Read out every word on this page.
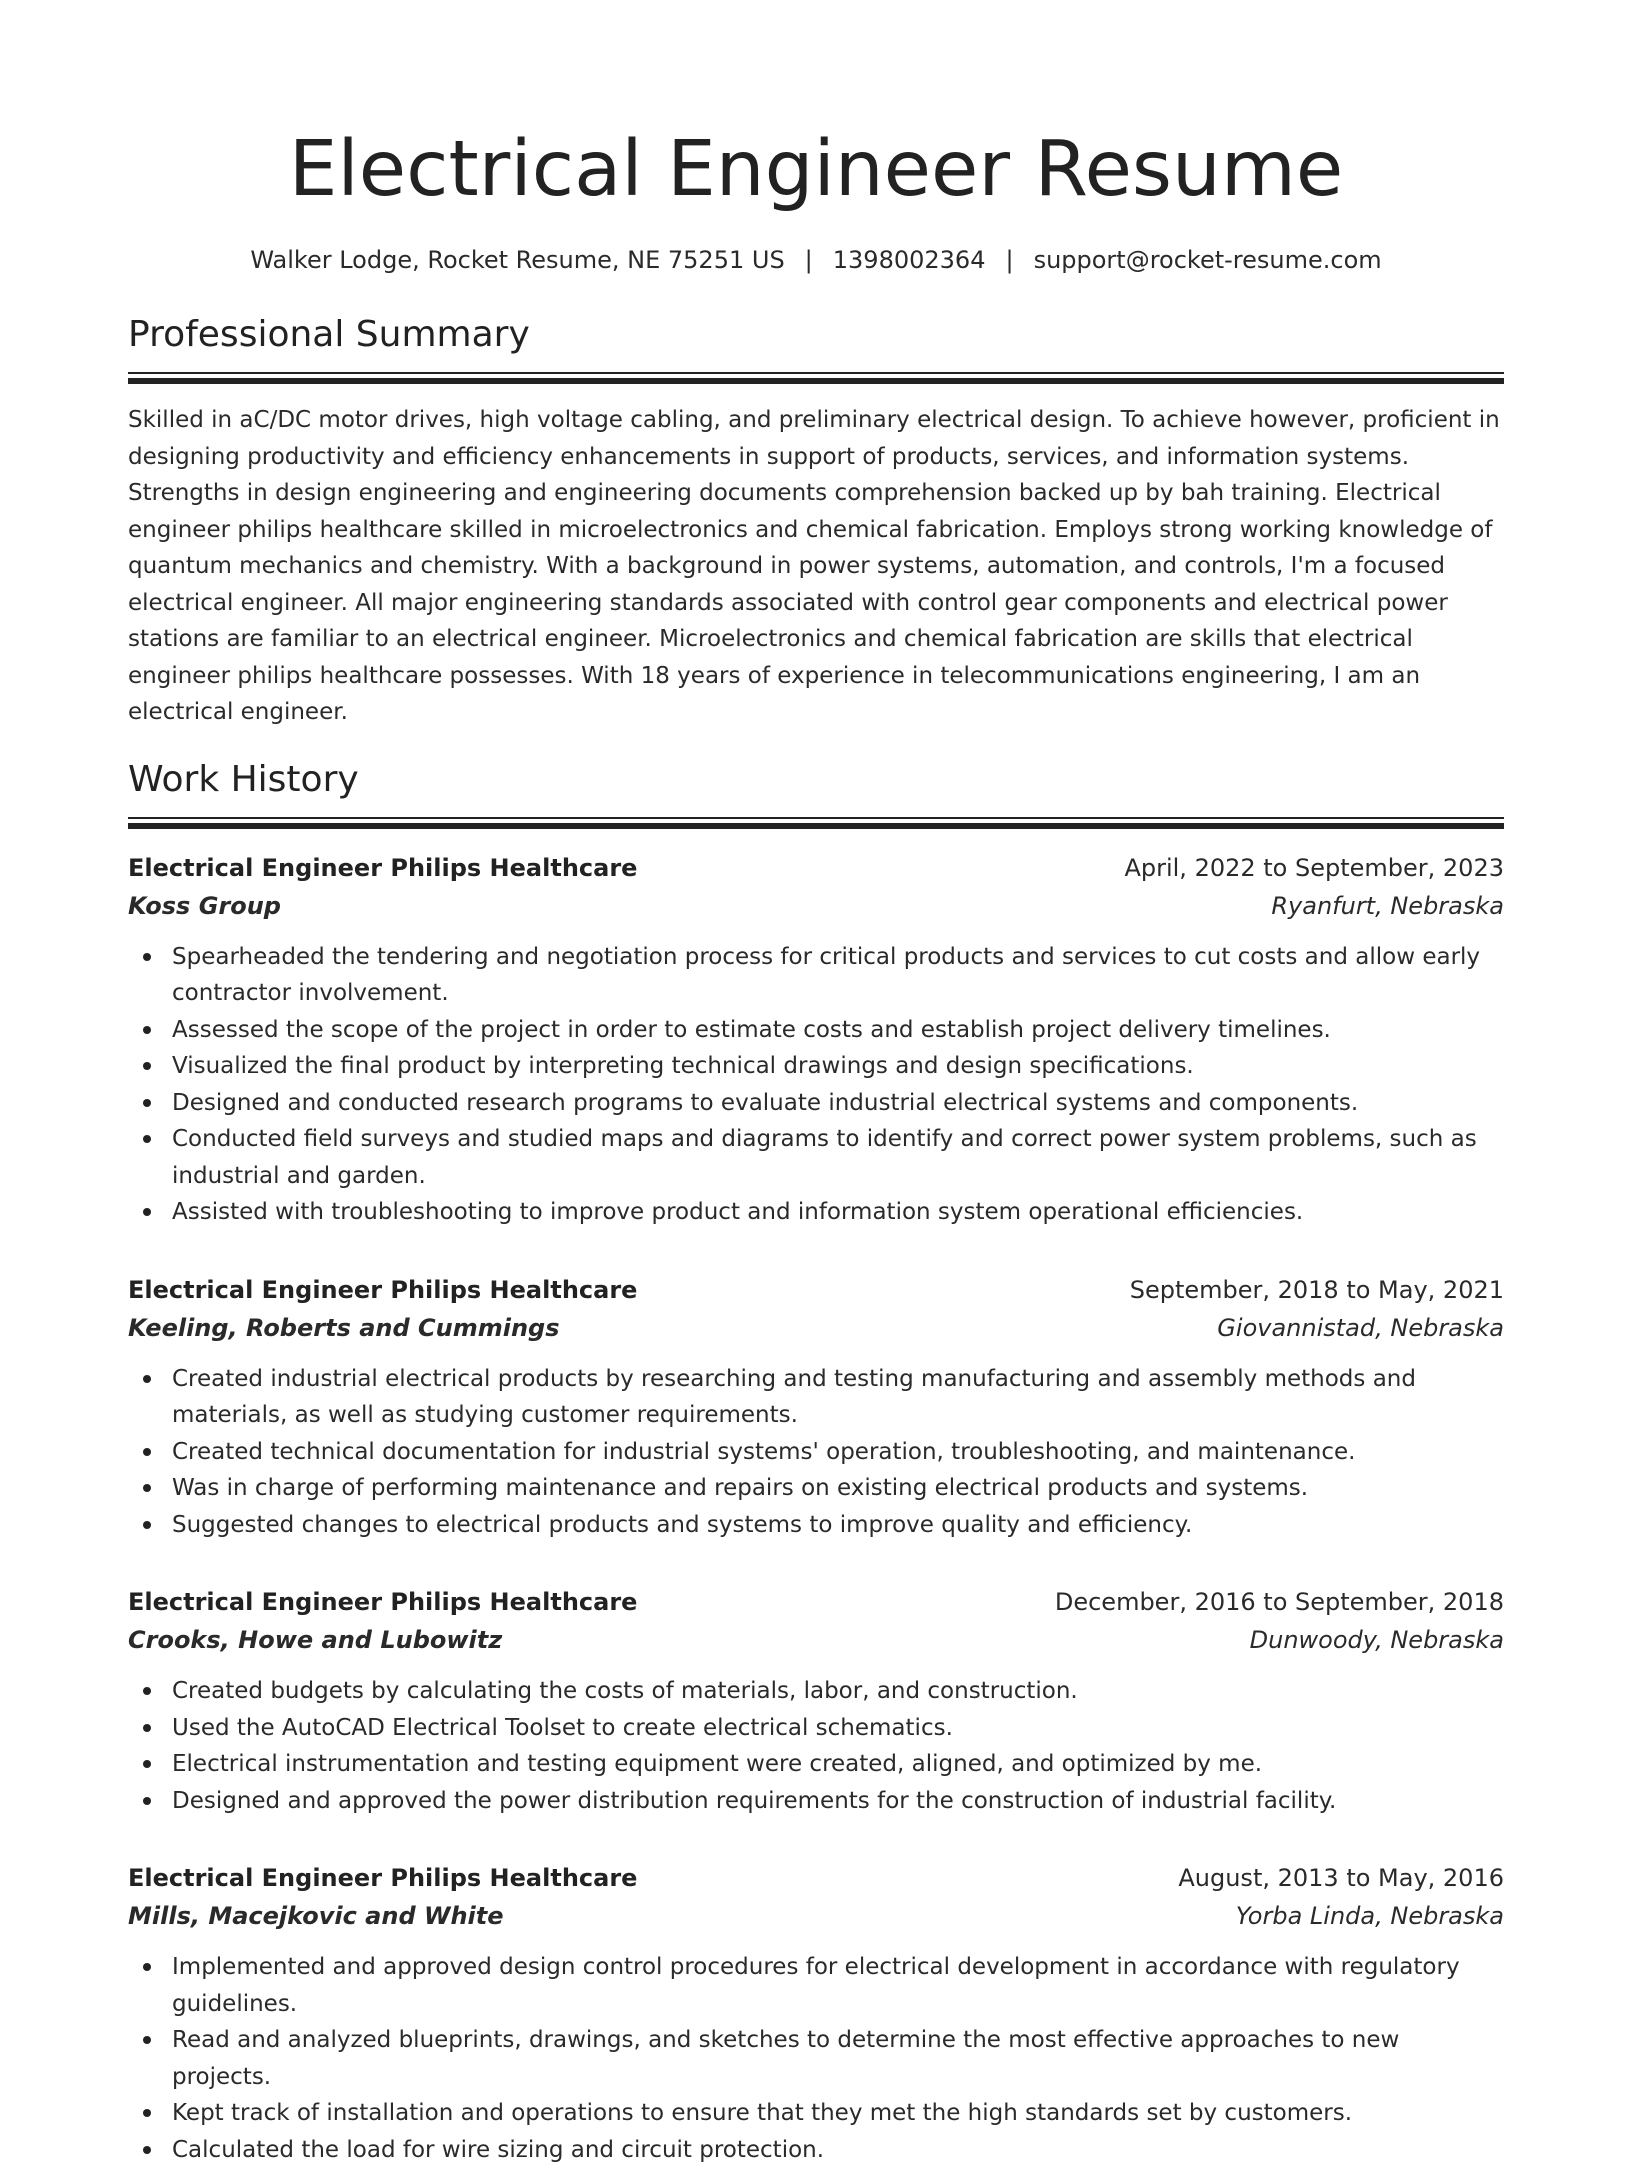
Electrical Engineer Resume
Walker Lodge, Rocket Resume, NE 75251 US | 1398002364 | support@rocket-resume.com
Professional Summary

Skilled in aC/DC motor drives, high voltage cabling, and preliminary electrical design. To achieve however, proficient in designing productivity and efficiency enhancements in support of products, services, and information systems. Strengths in design engineering and engineering documents comprehension backed up by bah training. Electrical engineer philips healthcare skilled in microelectronics and chemical fabrication. Employs strong working knowledge of quantum mechanics and chemistry. With a background in power systems, automation, and controls, I'm a focused electrical engineer. All major engineering standards associated with control gear components and electrical power stations are familiar to an electrical engineer. Microelectronics and chemical fabrication are skills that electrical engineer philips healthcare possesses. With 18 years of experience in telecommunications engineering, I am an electrical engineer.

Work History
Electrical Engineer Philips Healthcare	April, 2022 to September, 2023
Koss Group	Ryanfurt, Nebraska
Spearheaded the tendering and negotiation process for critical products and services to cut costs and allow early contractor involvement.
Assessed the scope of the project in order to estimate costs and establish project delivery timelines.
Visualized the final product by interpreting technical drawings and design specifications.
Designed and conducted research programs to evaluate industrial electrical systems and components.
Conducted field surveys and studied maps and diagrams to identify and correct power system problems, such as industrial and garden.
Assisted with troubleshooting to improve product and information system operational efficiencies.
Electrical Engineer Philips Healthcare	September, 2018 to May, 2021
Keeling, Roberts and Cummings	Giovannistad, Nebraska
Created industrial electrical products by researching and testing manufacturing and assembly methods and materials, as well as studying customer requirements.
Created technical documentation for industrial systems' operation, troubleshooting, and maintenance.
Was in charge of performing maintenance and repairs on existing electrical products and systems.
Suggested changes to electrical products and systems to improve quality and efficiency.
Electrical Engineer Philips Healthcare	December, 2016 to September, 2018
Crooks, Howe and Lubowitz	Dunwoody, Nebraska
Created budgets by calculating the costs of materials, labor, and construction.
Used the AutoCAD Electrical Toolset to create electrical schematics.
Electrical instrumentation and testing equipment were created, aligned, and optimized by me.
Designed and approved the power distribution requirements for the construction of industrial facility.
Electrical Engineer Philips Healthcare	August, 2013 to May, 2016
Mills, Macejkovic and White	Yorba Linda, Nebraska
Implemented and approved design control procedures for electrical development in accordance with regulatory guidelines.
Read and analyzed blueprints, drawings, and sketches to determine the most effective approaches to new projects.
Kept track of installation and operations to ensure that they met the high standards set by customers.
Calculated the load for wire sizing and circuit protection.
